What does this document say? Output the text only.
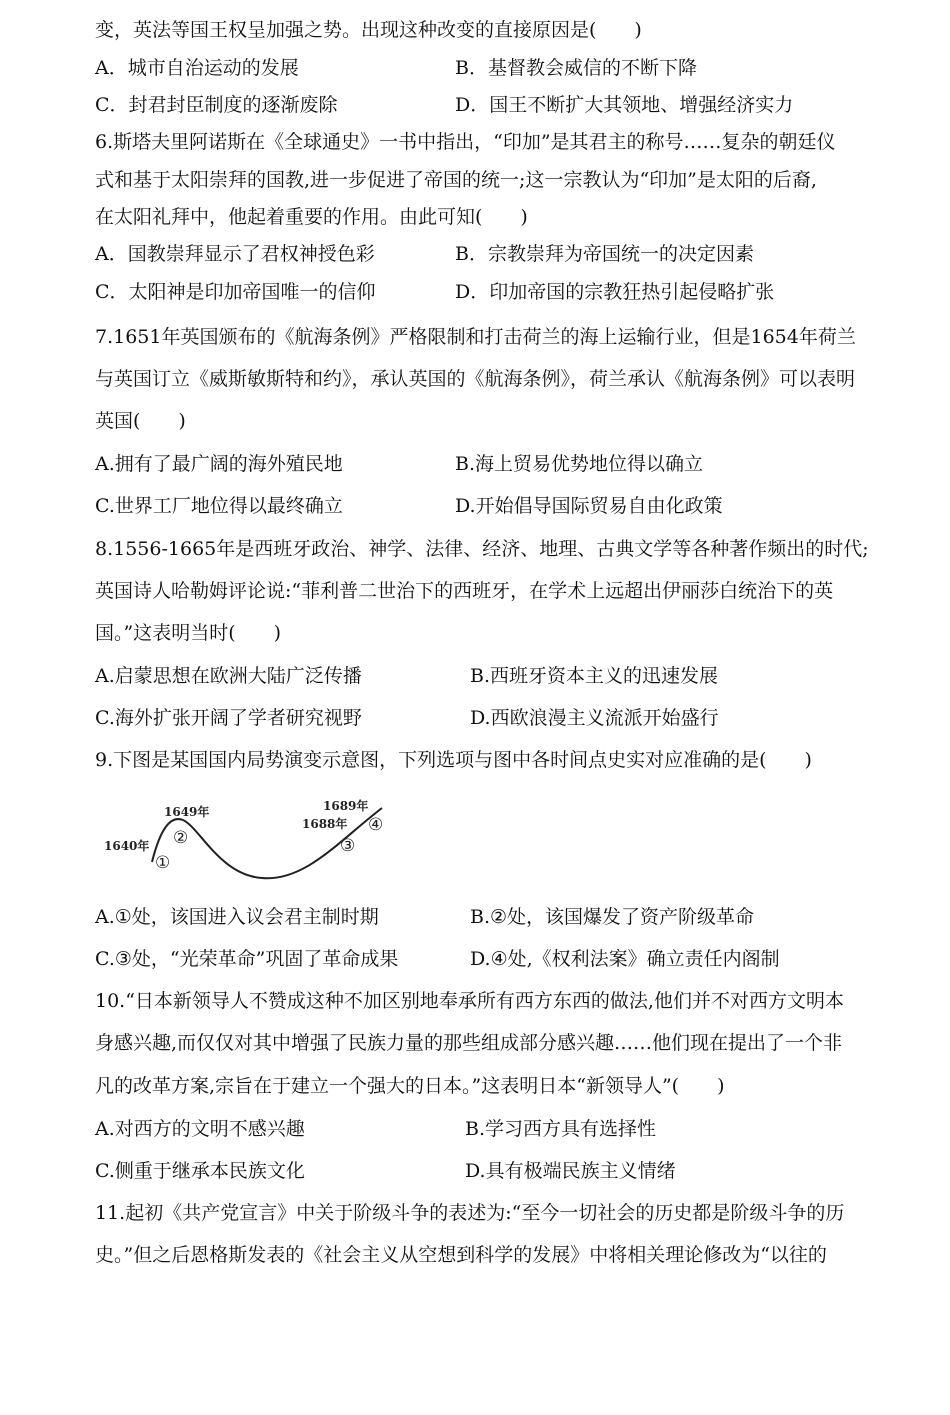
变，英法等国王权呈加强之势。出现这种改变的直接原因是(　　)
A．城市自治运动的发展	B．基督教会威信的不断下降
C．封君封臣制度的逐渐废除	D．国王不断扩大其领地、增强经济实力
6.斯塔夫里阿诺斯在《全球通史》一书中指出，“印加”是其君主的称号……复杂的朝廷仪
式和基于太阳崇拜的国教,进一步促进了帝国的统一;这一宗教认为“印加”是太阳的后裔,
在太阳礼拜中，他起着重要的作用。由此可知(　　)
A．国教崇拜显示了君权神授色彩	B．宗教崇拜为帝国统一的决定因素
C．太阳神是印加帝国唯一的信仰	D．印加帝国的宗教狂热引起侵略扩张
7.1651年英国颁布的《航海条例》严格限制和打击荷兰的海上运输行业，但是1654年荷兰
与英国订立《威斯敏斯特和约》，承认英国的《航海条例》，荷兰承认《航海条例》可以表明
英国(　　)
A.拥有了最广阔的海外殖民地	B.海上贸易优势地位得以确立
C.世界工厂地位得以最终确立	D.开始倡导国际贸易自由化政策
8.1556-1665年是西班牙政治、神学、法律、经济、地理、古典文学等各种著作频出的时代;
英国诗人哈勒姆评论说:“菲利普二世治下的西班牙，在学术上远超出伊丽莎白统治下的英
国。”这表明当时(　　)
A.启蒙思想在欧洲大陆广泛传播	B.西班牙资本主义的迅速发展
C.海外扩张开阔了学者研究视野	D.西欧浪漫主义流派开始盛行
9.下图是某国国内局势演变示意图，下列选项与图中各时间点史实对应准确的是(　　)
1640年
1649年
1688年
1689年
①
②	③
④
A.①处，该国进入议会君主制时期	B.②处，该国爆发了资产阶级革命
C.③处，“光荣革命”巩固了革命成果	D.④处,《权利法案》确立责任内阁制
10.“日本新领导人不赞成这种不加区别地奉承所有西方东西的做法,他们并不对西方文明本
身感兴趣,而仅仅对其中增强了民族力量的那些组成部分感兴趣……他们现在提出了一个非
凡的改革方案,宗旨在于建立一个强大的日本。”这表明日本“新领导人”(　　)
A.对西方的文明不感兴趣	B.学习西方具有选择性
C.侧重于继承本民族文化	D.具有极端民族主义情绪
11.起初《共产党宣言》中关于阶级斗争的表述为:“至今一切社会的历史都是阶级斗争的历
史。”但之后恩格斯发表的《社会主义从空想到科学的发展》中将相关理论修改为“以往的
